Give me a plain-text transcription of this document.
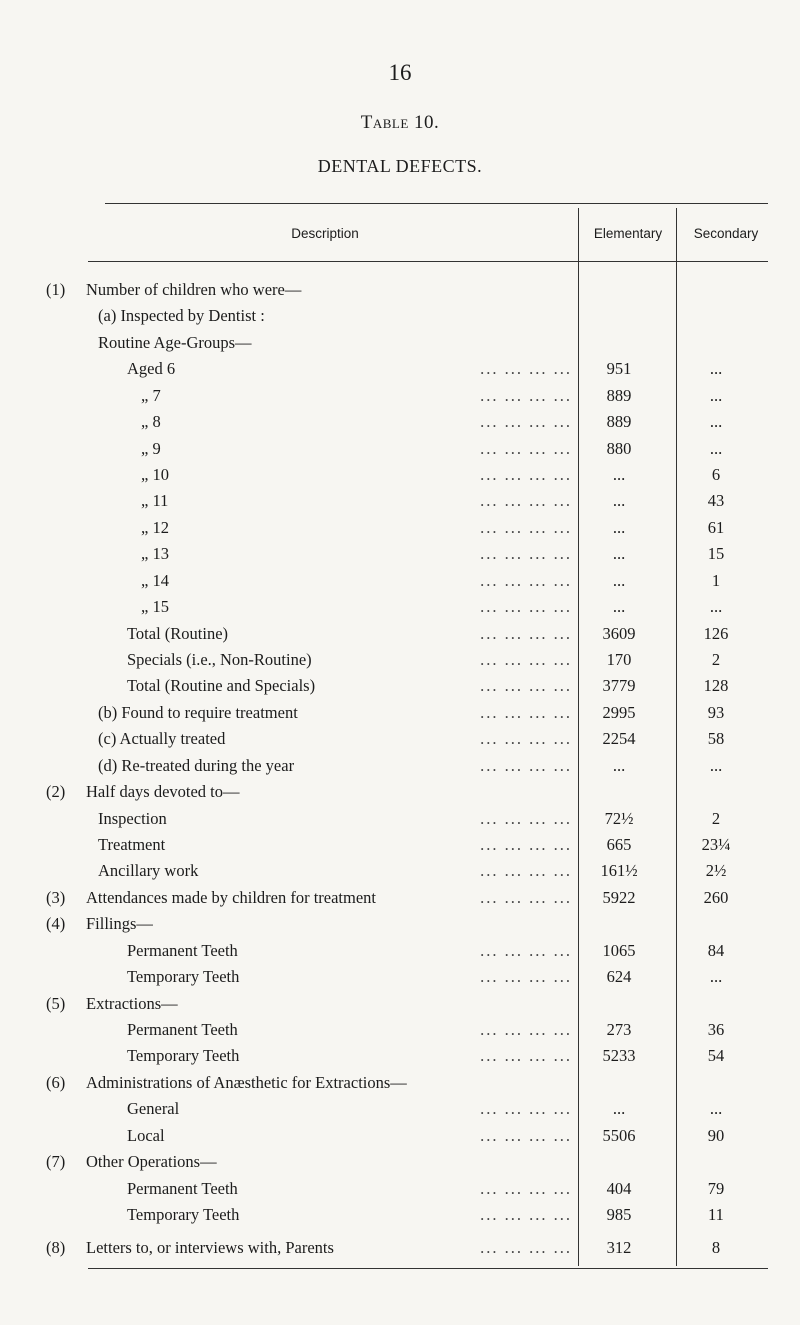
16
Table 10.
DENTAL DEFECTS.
Description	Elementary	Secondary
(1) Number of children who were—
(a) Inspected by Dentist :
Routine Age-Groups—
Aged 6	... ... ... ...	951	...
„ 7	... ... ... ...	889	...
„ 8	... ... ... ...	889	...
„ 9	... ... ... ...	880	...
„ 10	... ... ... ...	...	6
„ 11	... ... ... ...	...	43
„ 12	... ... ... ...	...	61
„ 13	... ... ... ...	...	15
„ 14	... ... ... ...	...	1
„ 15	... ... ... ...	...	...
Total (Routine)	... ... ... ...	3609	126
Specials (i.e., Non-Routine)	... ... ... ...	170	2
Total (Routine and Specials)	... ... ... ...	3779	128
(b) Found to require treatment	... ... ... ...	2995	93
(c) Actually treated	... ... ... ...	2254	58
(d) Re-treated during the year	... ... ... ...	...	...
(2) Half days devoted to—
Inspection	... ... ... ...	72½	2
Treatment	... ... ... ...	665	23¼
Ancillary work	... ... ... ...	161½	2½
(3) Attendances made by children for treatment	... ... ... ...	5922	260
(4) Fillings—
Permanent Teeth	... ... ... ...	1065	84
Temporary Teeth	... ... ... ...	624	...
(5) Extractions—
Permanent Teeth	... ... ... ...	273	36
Temporary Teeth	... ... ... ...	5233	54
(6) Administrations of Anæsthetic for Extractions—
General	... ... ... ...	...	...
Local	... ... ... ...	5506	90
(7) Other Operations—
Permanent Teeth	... ... ... ...	404	79
Temporary Teeth	... ... ... ...	985	11
(8) Letters to, or interviews with, Parents	... ... ... ...	312	8
